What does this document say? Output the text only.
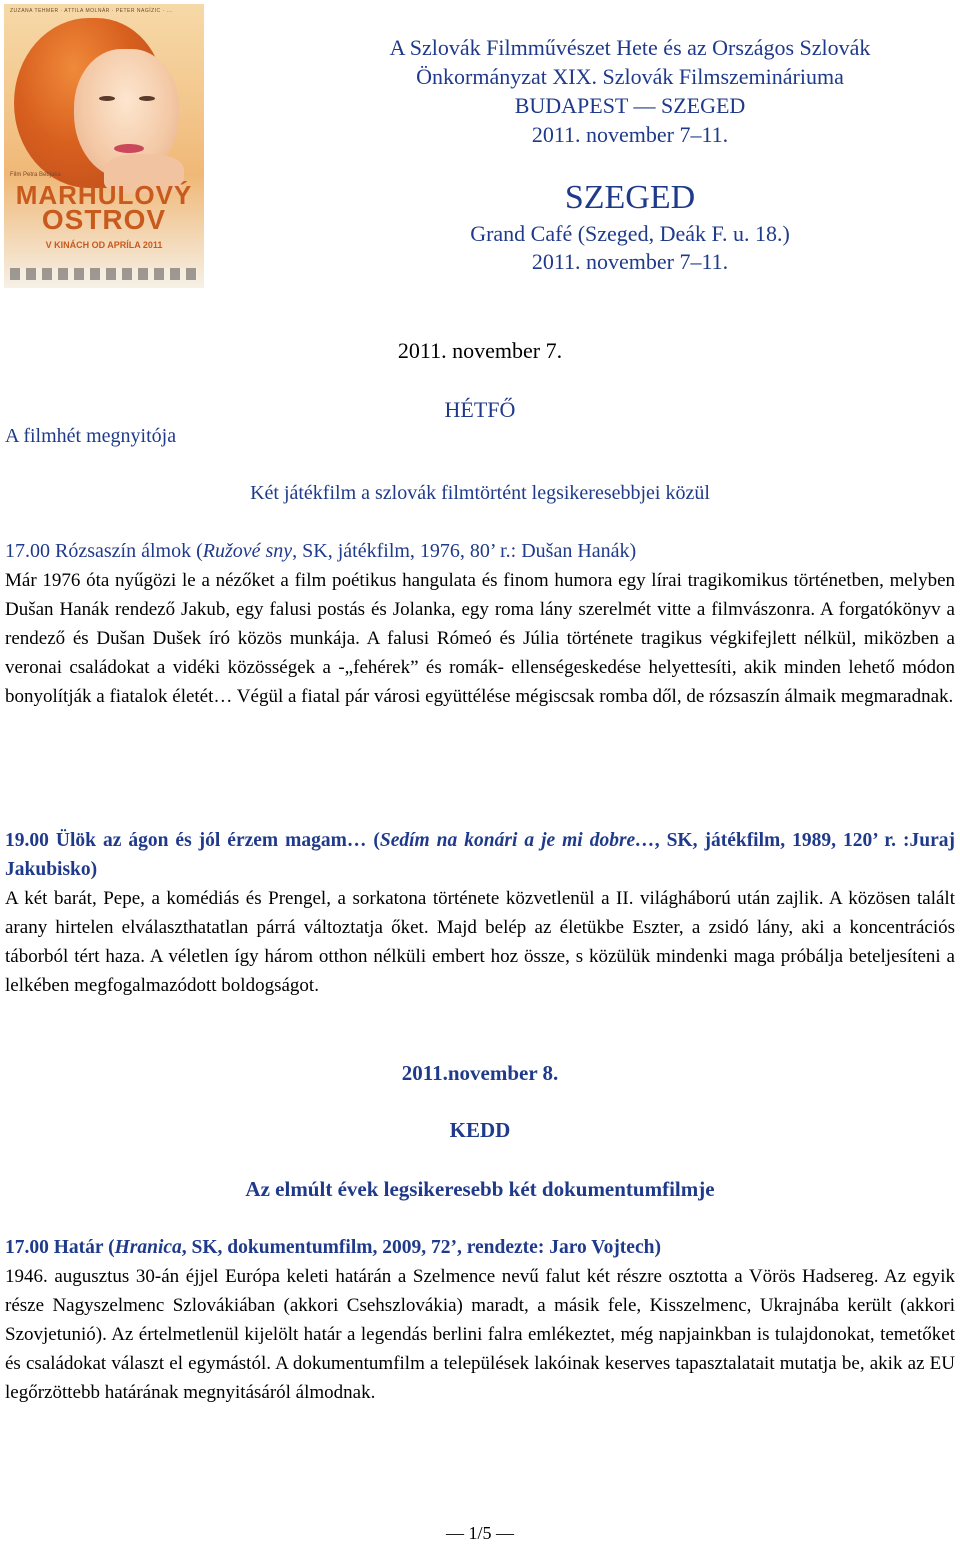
ZUZANA TEHMER · ATTILA MOLNÁR · PETER NAGÍZIC · ...
Film Petra Bebjaka
MARHULOVÝ
OSTROV
V KINÁCH OD APRÍLA 2011
A Szlovák Filmművészet Hete és az Országos Szlovák
Önkormányzat XIX. Szlovák Filmszemináriuma
BUDAPEST — SZEGED
2011. november 7–11.
SZEGED
Grand Café (Szeged, Deák F. u. 18.)
2011. november 7–11.
2011. november 7.
A filmhét megnyitója
HÉTFŐ
Két játékfilm a szlovák filmtörtént legsikeresebbjei közül
17.00 Rózsaszín álmok (Ružové sny, SK, játékfilm, 1976, 80’ r.: Dušan Hanák)

Már 1976 óta nyűgözi le a nézőket a film poétikus hangulata és finom humora egy lírai tragikomikus történetben, melyben Dušan Hanák rendező Jakub, egy falusi postás és Jolanka, egy roma lány szerelmét vitte a filmvászonra. A forgatókönyv a rendező és Dušan Dušek író közös munkája. A falusi Rómeó és Júlia története tragikus végkifejlett nélkül, miközben a veronai családokat a vidéki közösségek a -„fehérek” és romák- ellenségeskedése helyettesíti, akik minden lehető módon bonyolítják a fiatalok életét… Végül a fiatal pár városi együttélése mégiscsak romba dől, de rózsaszín álmaik megmaradnak.

19.00 Ülök az ágon és jól érzem magam… (Sedím na konári a je mi dobre…, SK, játékfilm, 1989, 120’ r. :Juraj Jakubisko)

A két barát, Pepe, a komédiás és Prengel, a sorkatona története közvetlenül a II. világháború után zajlik. A közösen talált arany hirtelen elválaszthatatlan párrá változtatja őket. Majd belép az életükbe Eszter, a zsidó lány, aki a koncentrációs táborból tért haza. A véletlen így három otthon nélküli embert hoz össze, s közülük mindenki maga próbálja beteljesíteni a lelkében megfogalmazódott boldogságot.

2011.november 8.
KEDD
Az elmúlt évek legsikeresebb két dokumentumfilmje
17.00 Határ (Hranica, SK, dokumentumfilm, 2009, 72’, rendezte: Jaro Vojtech)

1946. augusztus 30-án éjjel Európa keleti határán a Szelmence nevű falut két részre osztotta a Vörös Hadsereg. Az egyik része Nagyszelmenc Szlovákiában (akkori Csehszlovákia) maradt, a másik fele, Kisszelmenc, Ukrajnába került (akkori Szovjetunió). Az értelmetlenül kijelölt határ a legendás berlini falra emlékeztet, még napjainkban is tulajdonokat, temetőket és családokat választ el egymástól. A dokumentumfilm a települések lakóinak keserves tapasztalatait mutatja be, akik az EU legőrzöttebb határának megnyitásáról álmodnak.

— 1/5 —
